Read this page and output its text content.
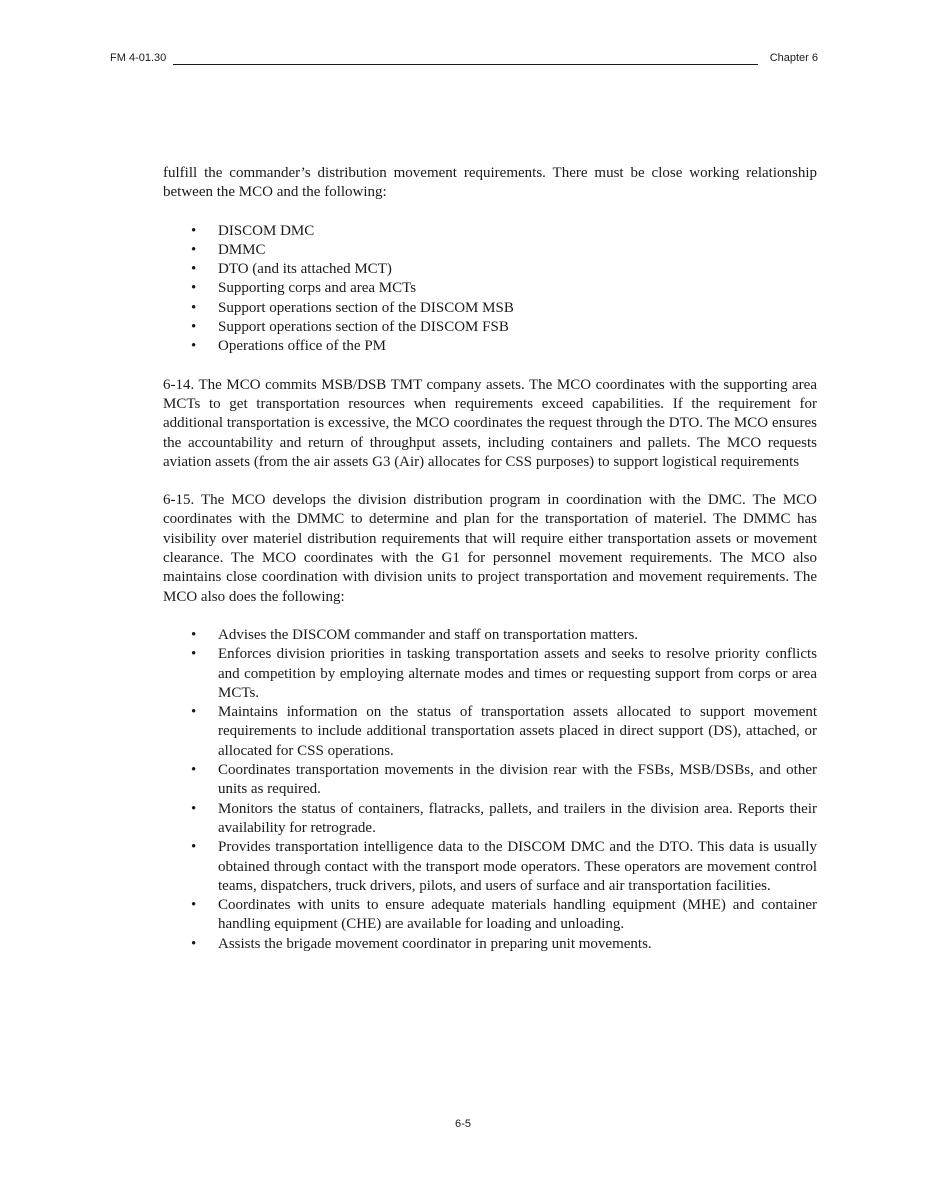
FM 4-01.30	Chapter 6

fulfill the commander’s distribution movement requirements. There must be close working relationship between the MCO and the following:

• DISCOM DMC
• DMMC
• DTO (and its attached MCT)
• Supporting corps and area MCTs
• Support operations section of the DISCOM MSB
• Support operations section of the DISCOM FSB
• Operations office of the PM

6-14. The MCO commits MSB/DSB TMT company assets. The MCO coordinates with the supporting area MCTs to get transportation resources when requirements exceed capabilities. If the requirement for additional transportation is excessive, the MCO coordinates the request through the DTO. The MCO ensures the accountability and return of throughput assets, including containers and pallets. The MCO requests aviation assets (from the air assets G3 (Air) allocates for CSS purposes) to support logistical requirements

6-15. The MCO develops the division distribution program in coordination with the DMC. The MCO coordinates with the DMMC to determine and plan for the transportation of materiel. The DMMC has visibility over materiel distribution requirements that will require either transportation assets or movement clearance. The MCO coordinates with the G1 for personnel movement requirements. The MCO also maintains close coordination with division units to project transportation and movement requirements. The MCO also does the following:

• Advises the DISCOM commander and staff on transportation matters.
• Enforces division priorities in tasking transportation assets and seeks to resolve priority conflicts and competition by employing alternate modes and times or requesting support from corps or area MCTs.
• Maintains information on the status of transportation assets allocated to support movement requirements to include additional transportation assets placed in direct support (DS), attached, or allocated for CSS operations.
• Coordinates transportation movements in the division rear with the FSBs, MSB/DSBs, and other units as required.
• Monitors the status of containers, flatracks, pallets, and trailers in the division area. Reports their availability for retrograde.
• Provides transportation intelligence data to the DISCOM DMC and the DTO. This data is usually obtained through contact with the transport mode operators. These operators are movement control teams, dispatchers, truck drivers, pilots, and users of surface and air transportation facilities.
• Coordinates with units to ensure adequate materials handling equipment (MHE) and container handling equipment (CHE) are available for loading and unloading.
• Assists the brigade movement coordinator in preparing unit movements.
6-5
